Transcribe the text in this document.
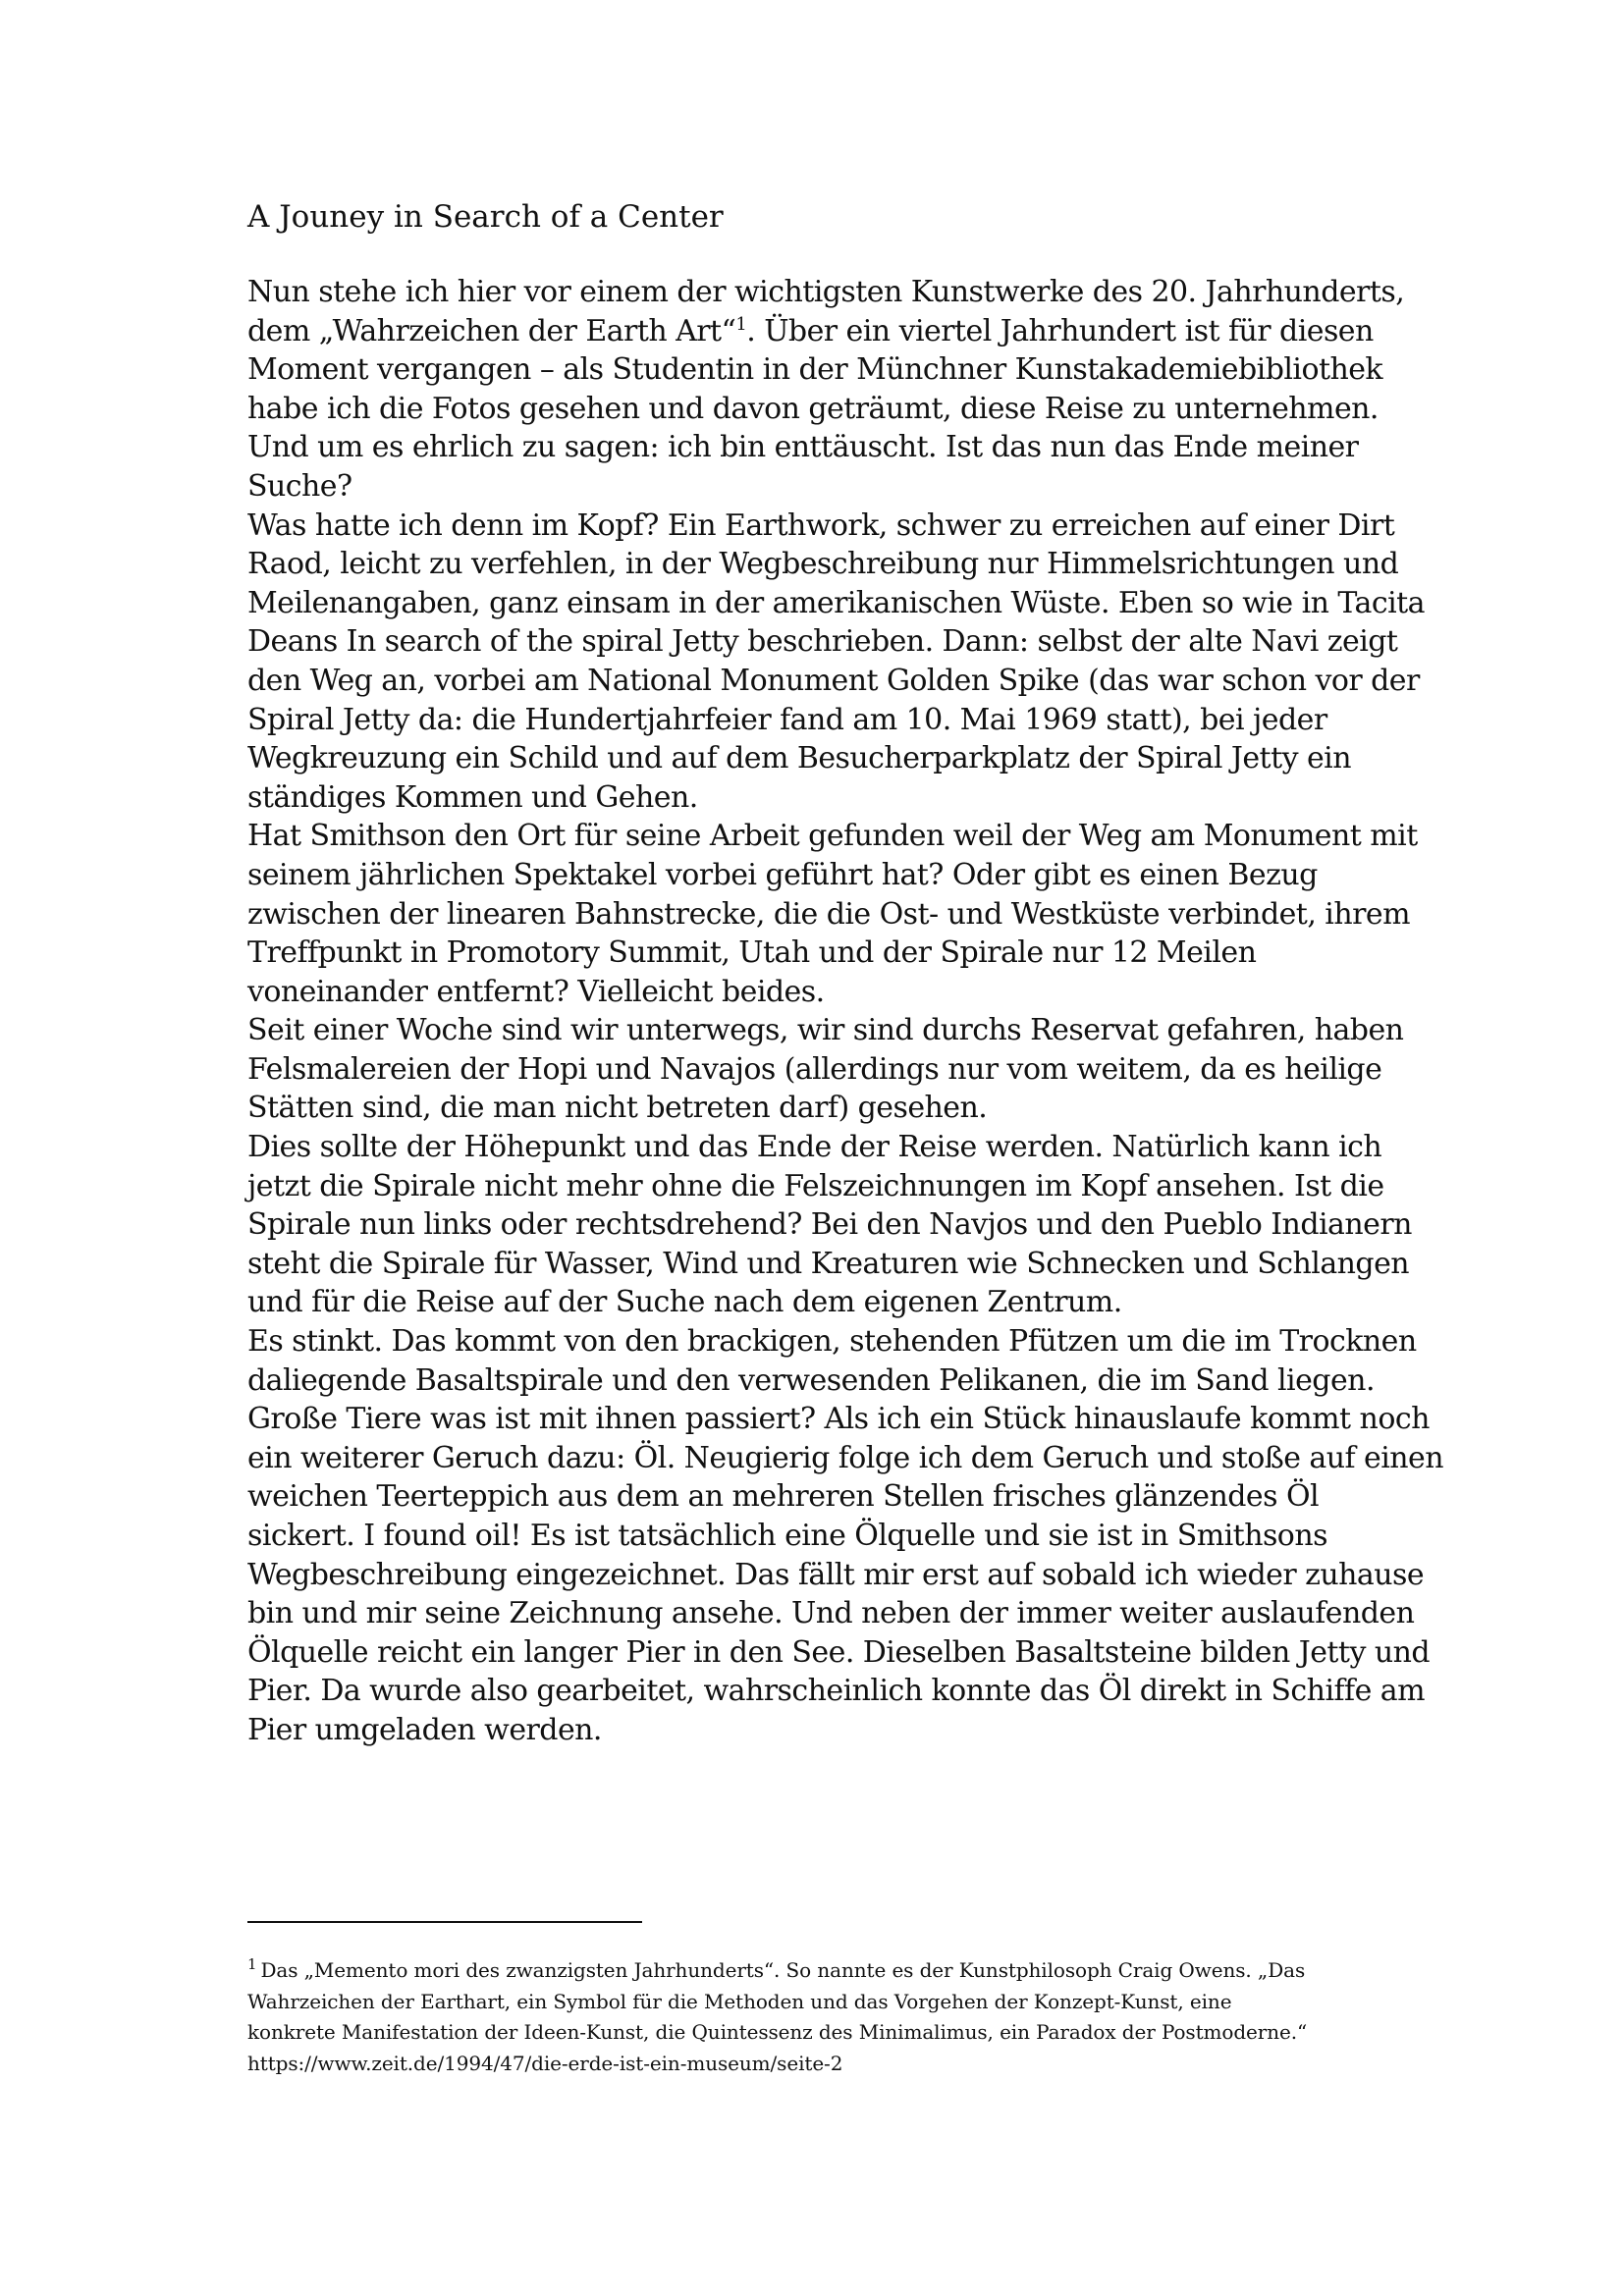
A Jouney in Search of a Center

Nun stehe ich hier vor einem der wichtigsten Kunstwerke des 20. Jahrhunderts,
dem „Wahrzeichen der Earth Art“$^1$. Über ein viertel Jahrhundert ist für diesen
Moment vergangen – als Studentin in der Münchner Kunstakademiebibliothek
habe ich die Fotos gesehen und davon geträumt, diese Reise zu unternehmen.
Und um es ehrlich zu sagen: ich bin enttäuscht. Ist das nun das Ende meiner
Suche?

Was hatte ich denn im Kopf? Ein Earthwork, schwer zu erreichen auf einer Dirt
Raod, leicht zu verfehlen, in der Wegbeschreibung nur Himmelsrichtungen und
Meilenangaben, ganz einsam in der amerikanischen Wüste. Eben so wie in Tacita
Deans In search of the spiral Jetty beschrieben. Dann: selbst der alte Navi zeigt
den Weg an, vorbei am National Monument Golden Spike (das war schon vor der
Spiral Jetty da: die Hundertjahrfeier fand am 10. Mai 1969 statt), bei jeder
Wegkreuzung ein Schild und auf dem Besucherparkplatz der Spiral Jetty ein
ständiges Kommen und Gehen.

Hat Smithson den Ort für seine Arbeit gefunden weil der Weg am Monument mit
seinem jährlichen Spektakel vorbei geführt hat? Oder gibt es einen Bezug
zwischen der linearen Bahnstrecke, die die Ost- und Westküste verbindet, ihrem
Treffpunkt in Promotory Summit, Utah und der Spirale nur 12 Meilen
voneinander entfernt? Vielleicht beides.

Seit einer Woche sind wir unterwegs, wir sind durchs Reservat gefahren, haben
Felsmalereien der Hopi und Navajos (allerdings nur vom weitem, da es heilige
Stätten sind, die man nicht betreten darf) gesehen.

Dies sollte der Höhepunkt und das Ende der Reise werden. Natürlich kann ich
jetzt die Spirale nicht mehr ohne die Felszeichnungen im Kopf ansehen. Ist die
Spirale nun links oder rechtsdrehend? Bei den Navjos und den Pueblo Indianern
steht die Spirale für Wasser, Wind und Kreaturen wie Schnecken und Schlangen
und für die Reise auf der Suche nach dem eigenen Zentrum.

Es stinkt. Das kommt von den brackigen, stehenden Pfützen um die im Trocknen
daliegende Basaltspirale und den verwesenden Pelikanen, die im Sand liegen.
Große Tiere was ist mit ihnen passiert? Als ich ein Stück hinauslaufe kommt noch
ein weiterer Geruch dazu: Öl. Neugierig folge ich dem Geruch und stoße auf einen
weichen Teerteppich aus dem an mehreren Stellen frisches glänzendes Öl
sickert. I found oil! Es ist tatsächlich eine Ölquelle und sie ist in Smithsons
Wegbeschreibung eingezeichnet. Das fällt mir erst auf sobald ich wieder zuhause
bin und mir seine Zeichnung ansehe. Und neben der immer weiter auslaufenden
Ölquelle reicht ein langer Pier in den See. Dieselben Basaltsteine bilden Jetty und
Pier. Da wurde also gearbeitet, wahrscheinlich konnte das Öl direkt in Schiffe am
Pier umgeladen werden.

$^1$ Das „Memento mori des zwanzigsten Jahrhunderts“. So nannte es der Kunstphilosoph Craig Owens. „Das
Wahrzeichen der Earthart, ein Symbol für die Methoden und das Vorgehen der Konzept-Kunst, eine
konkrete Manifestation der Ideen-Kunst, die Quintessenz des Minimalimus, ein Paradox der Postmoderne.“
https://www.zeit.de/1994/47/die-erde-ist-ein-museum/seite-2
